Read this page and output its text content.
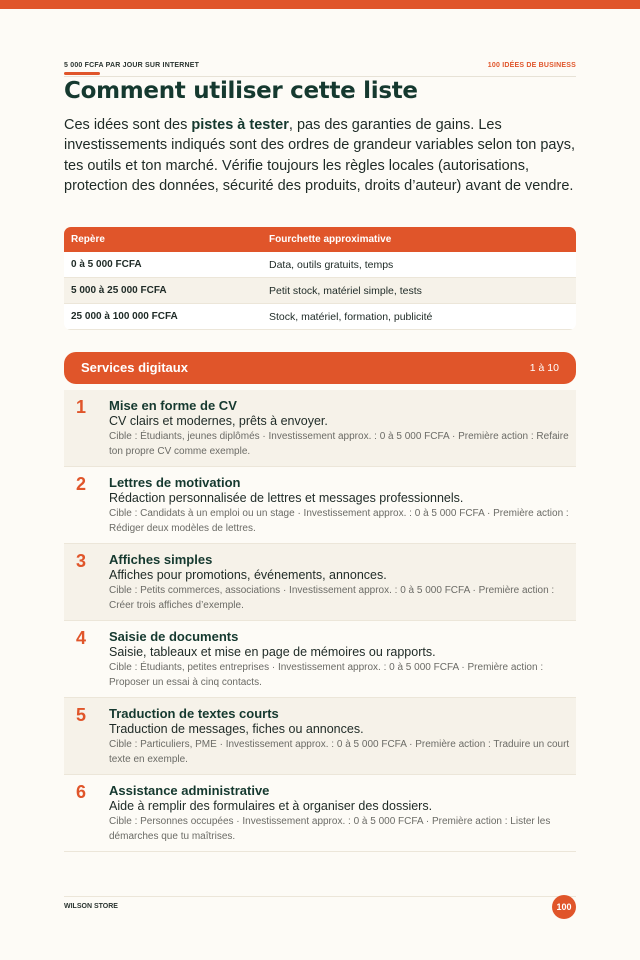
5 000 FCFA PAR JOUR SUR INTERNET	100 IDÉES DE BUSINESS
Comment utiliser cette liste

Ces idées sont des pistes à tester, pas des garanties de gains. Les investissements indiqués sont des ordres de grandeur variables selon ton pays, tes outils et ton marché. Vérifie toujours les règles locales (autorisations, protection des données, sécurité des produits, droits d’auteur) avant de vendre.

Repère	Fourchette approximative
0 à 5 000 FCFA	Data, outils gratuits, temps
5 000 à 25 000 FCFA	Petit stock, matériel simple, tests
25 000 à 100 000 FCFA	Stock, matériel, formation, publicité
Services digitaux	1 à 10
1 Mise en forme de CV
CV clairs et modernes, prêts à envoyer.
Cible : Étudiants, jeunes diplômés · Investissement approx. : 0 à 5 000 FCFA · Première action : Refaire ton propre CV comme exemple.
2 Lettres de motivation
Rédaction personnalisée de lettres et messages professionnels.
Cible : Candidats à un emploi ou un stage · Investissement approx. : 0 à 5 000 FCFA · Première action : Rédiger deux modèles de lettres.
3 Affiches simples
Affiches pour promotions, événements, annonces.
Cible : Petits commerces, associations · Investissement approx. : 0 à 5 000 FCFA · Première action : Créer trois affiches d’exemple.
4 Saisie de documents
Saisie, tableaux et mise en page de mémoires ou rapports.
Cible : Étudiants, petites entreprises · Investissement approx. : 0 à 5 000 FCFA · Première action : Proposer un essai à cinq contacts.
5 Traduction de textes courts
Traduction de messages, fiches ou annonces.
Cible : Particuliers, PME · Investissement approx. : 0 à 5 000 FCFA · Première action : Traduire un court texte en exemple.
6 Assistance administrative
Aide à remplir des formulaires et à organiser des dossiers.
Cible : Personnes occupées · Investissement approx. : 0 à 5 000 FCFA · Première action : Lister les démarches que tu maîtrises.
WILSON STORE	100
